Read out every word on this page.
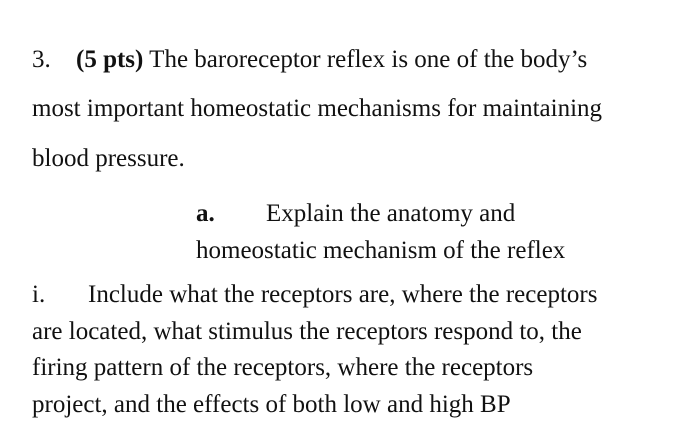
3. (5 pts) The baroreceptor reflex is one of the body’s
most important homeostatic mechanisms for maintaining
blood pressure.
a. Explain the anatomy and
homeostatic mechanism of the reflex
i. Include what the receptors are, where the receptors
are located, what stimulus the receptors respond to, the
firing pattern of the receptors, where the receptors
project, and the effects of both low and high BP
